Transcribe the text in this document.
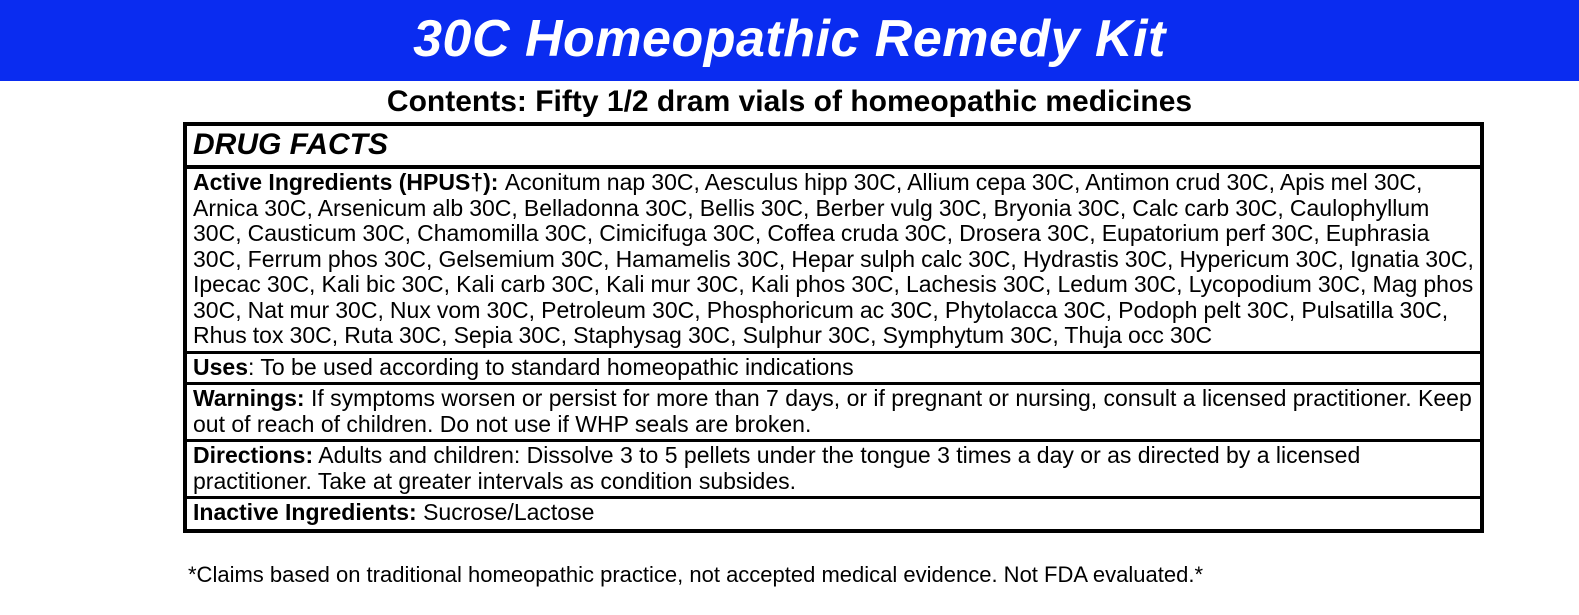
30C Homeopathic Remedy Kit
Contents: Fifty 1/2 dram vials of homeopathic medicines
DRUG FACTS
Active Ingredients (HPUS†): Aconitum nap 30C, Aesculus hipp 30C, Allium cepa 30C, Antimon crud 30C, Apis mel 30C, Arnica 30C, Arsenicum alb 30C, Belladonna 30C, Bellis 30C, Berber vulg 30C, Bryonia 30C, Calc carb 30C, Caulophyllum 30C, Causticum 30C, Chamomilla 30C, Cimicifuga 30C, Coffea cruda 30C, Drosera 30C, Eupatorium perf 30C, Euphrasia 30C, Ferrum phos 30C, Gelsemium 30C, Hamamelis 30C, Hepar sulph calc 30C, Hydrastis 30C, Hypericum 30C, Ignatia 30C, Ipecac 30C, Kali bic 30C, Kali carb 30C, Kali mur 30C, Kali phos 30C, Lachesis 30C, Ledum 30C, Lycopodium 30C, Mag phos 30C, Nat mur 30C, Nux vom 30C, Petroleum 30C, Phosphoricum ac 30C, Phytolacca 30C, Podoph pelt 30C, Pulsatilla 30C, Rhus tox 30C, Ruta 30C, Sepia 30C, Staphysag 30C, Sulphur 30C, Symphytum 30C, Thuja occ 30C
Uses: To be used according to standard homeopathic indications
Warnings: If symptoms worsen or persist for more than 7 days, or if pregnant or nursing, consult a licensed practitioner. Keep out of reach of children. Do not use if WHP seals are broken.
Directions: Adults and children: Dissolve 3 to 5 pellets under the tongue 3 times a day or as directed by a licensed practitioner. Take at greater intervals as condition subsides.
Inactive Ingredients: Sucrose/Lactose
*Claims based on traditional homeopathic practice, not accepted medical evidence. Not FDA evaluated.*
